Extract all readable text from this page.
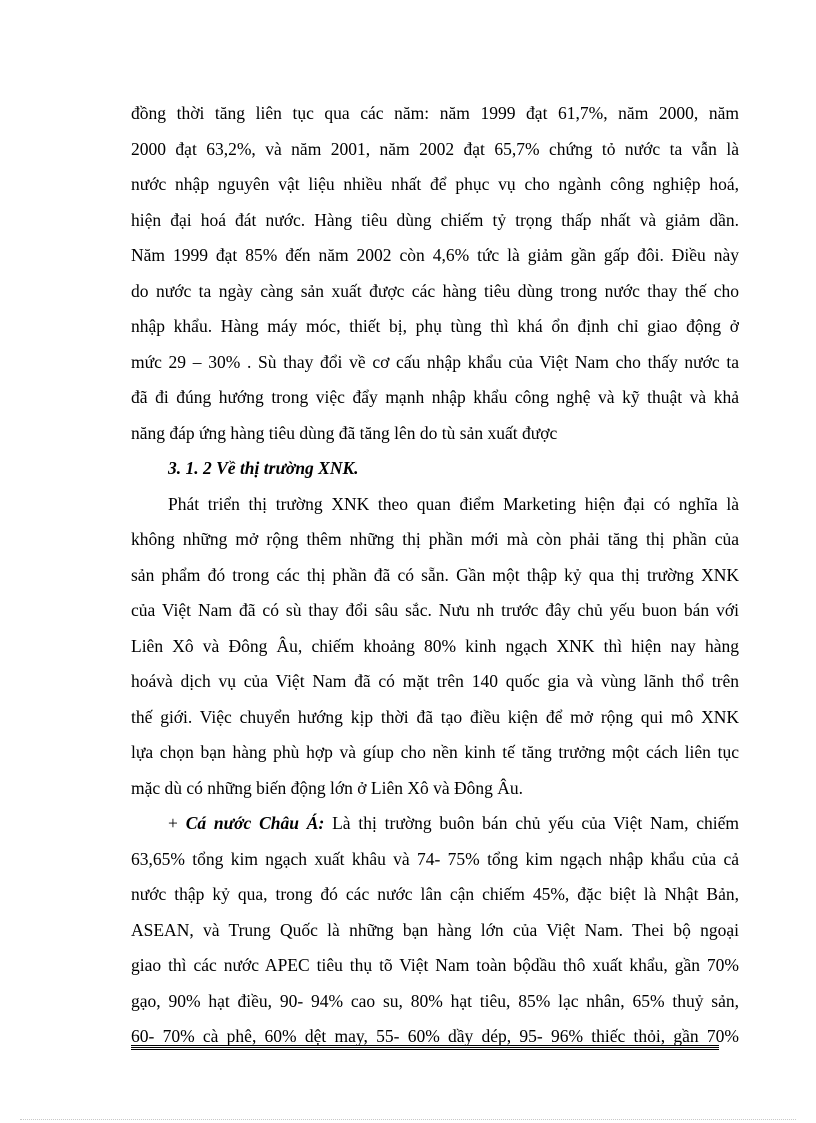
đồng thời tăng liên tục qua các năm: năm 1999 đạt 61,7%, năm 2000, năm
2000 đạt 63,2%, và năm 2001, năm 2002 đạt 65,7% chứng tỏ nước ta vẫn là
nước nhập nguyên vật liệu nhiều nhất để phục vụ cho ngành công nghiệp hoá,
hiện đại hoá đát nước. Hàng tiêu dùng chiếm tỷ trọng thấp nhất và giảm dần.
Năm 1999 đạt 85% đến năm 2002 còn 4,6% tức là giảm gần gấp đôi. Điều này
do nước ta ngày càng sản xuất được các hàng tiêu dùng trong nước thay thế cho
nhập khẩu. Hàng máy móc, thiết bị, phụ tùng thì khá ổn định chỉ giao động ở
mức 29 – 30% . Sù thay đổi về cơ cấu nhập khẩu của Việt Nam cho thấy nước ta
đã đi đúng hướng trong việc đẩy mạnh nhập khẩu công nghệ và kỹ thuật và khả
năng đáp ứng hàng tiêu dùng đã tăng lên do tù sản xuất được
3. 1. 2 Về thị trường XNK.
Phát triển thị trường XNK theo quan điểm Marketing hiện đại có nghĩa là
không những mở rộng thêm những thị phần mới mà còn phải tăng thị phần của
sản phẩm đó trong các thị phần đã có sẵn. Gần một thập kỷ qua thị trường XNK
của Việt Nam đã có sù thay đổi sâu sắc. Nưu nh trước đây chủ yếu buon bán với
Liên Xô và Đông Âu, chiếm khoảng 80% kinh ngạch XNK thì hiện nay hàng
hoávà dịch vụ của Việt Nam đã có mặt trên 140 quốc gia và vùng lãnh thổ trên
thế giới. Việc chuyển hướng kịp thời đã tạo điều kiện để mở rộng qui mô XNK
lựa chọn bạn hàng phù hợp và gíup cho nền kinh tế tăng trưởng một cách liên tục
mặc dù có những biến động lớn ở Liên Xô và Đông Âu.
+ Cá nước Châu Á: Là thị trường buôn bán chủ yếu của Việt Nam, chiếm
63,65% tổng kim ngạch xuất khâu và 74- 75% tổng kim ngạch nhập khẩu của cả
nước thập kỷ qua, trong đó các nước lân cận chiếm 45%, đặc biệt là Nhật Bản,
ASEAN, và Trung Quốc là những bạn hàng lớn của Việt Nam. Thei bộ ngoại
giao thì các nước APEC tiêu thụ tõ Việt Nam toàn bộdầu thô xuất khẩu, gần 70%
gạo, 90% hạt điều, 90- 94% cao su, 80% hạt tiêu, 85% lạc nhân, 65% thuỷ sản,
60- 70% cà phê, 60% dệt may, 55- 60% dầy dép, 95- 96% thiếc thỏi, gần 70%
